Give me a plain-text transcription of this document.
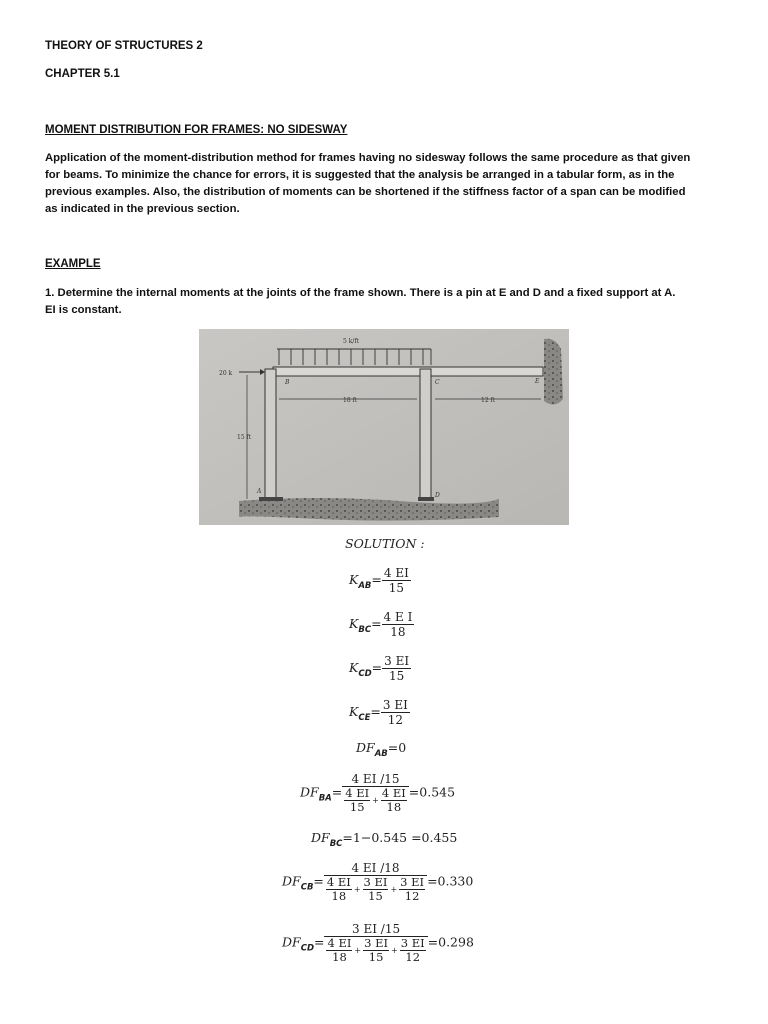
THEORY OF STRUCTURES 2
CHAPTER 5.1
MOMENT DISTRIBUTION FOR FRAMES: NO SIDESWAY
Application of the moment-distribution method for frames having no sidesway follows the same procedure as that given
for beams. To minimize the chance for errors, it is suggested that the analysis be arranged in a tabular form, as in the
previous examples. Also, the distribution of moments can be shortened if the stiffness factor of a span can be modified
as indicated in the previous section.
EXAMPLE
1. Determine the internal moments at the joints of the frame shown. There is a pin at E and D and a fixed support at A.
EI is constant.
5 k/ft
20 k
18 ft	12 ft
15 ft
B	C	E
A
D
SOLUTION :
$K_{AB}= \frac{4 EI}{15}$
$K_{BC}= \frac{\text{4 E I}}{18}$
$K_{CD}= \frac{3 EI}{15}$
$K_{CE}= \frac{3 EI}{12}$
$DF_{AB}=0$
$DF_{BA}= \frac{4 EI /15}{\frac{4 EI}{15} + \frac{4 EI}{18}} =0.545$
$DF_{BC}=1-0.545 =0.455$
$DF_{CB}= \frac{4 EI /18}{\frac{4 EI}{18} + \frac{3 EI}{15} + \frac{3 EI}{12}} =0.330$
$DF_{CD}= \frac{3 EI /15}{\frac{4 EI}{18} + \frac{3 EI}{15} + \frac{3 EI}{12}} =0.298$
